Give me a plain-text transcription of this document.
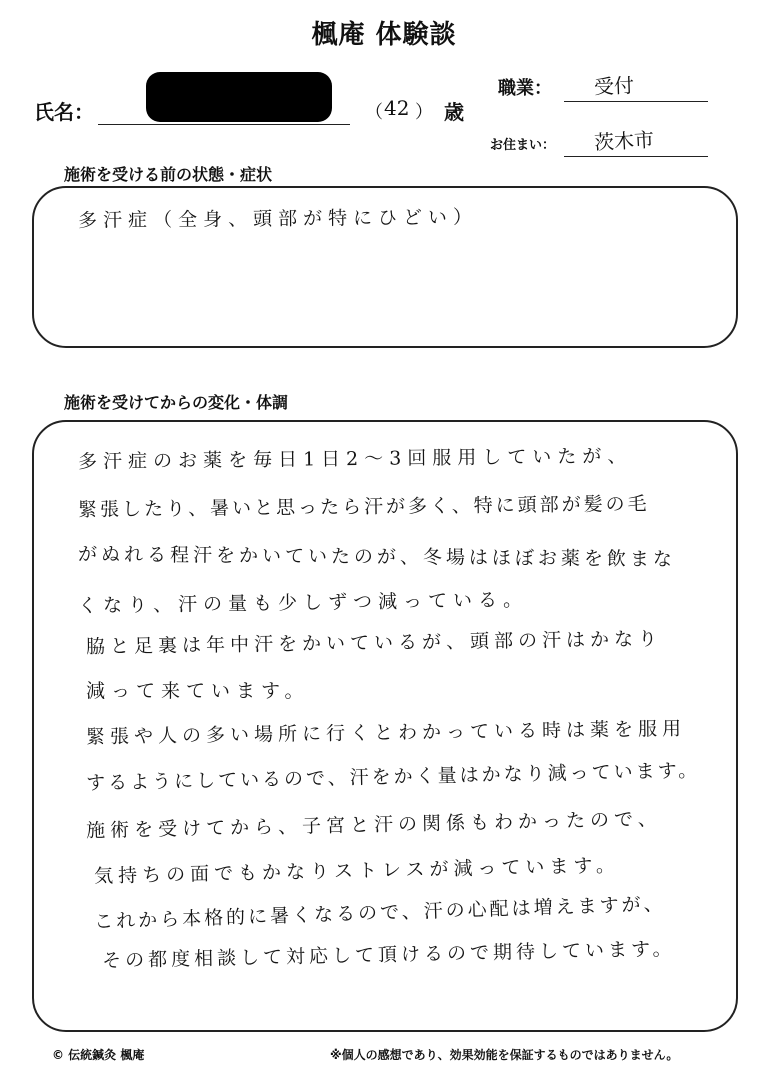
楓庵 体験談
氏名：	（ 42 ） 歳
職業： 受付
お住まい： 茨木市
施術を受ける前の状態・症状
多汗症（全身、頭部が特にひどい）
施術を受けてからの変化・体調
多汗症のお薬を毎日1日2〜3回服用していたが、
緊張したり、暑いと思ったら汗が多く、特に頭部が髪の毛
がぬれる程汗をかいていたのが、冬場はほぼお薬を飲まな
くなり、汗の量も少しずつ減っている。
脇と足裏は年中汗をかいているが、頭部の汗はかなり
減って来ています。
緊張や人の多い場所に行くとわかっている時は薬を服用
するようにしているので、汗をかく量はかなり減っています。
施術を受けてから、子宮と汗の関係もわかったので、
気持ちの面でもかなりストレスが減っています。
これから本格的に暑くなるので、汗の心配は増えますが、
その都度相談して対応して頂けるので期待しています。
© 伝統鍼灸 楓庵	※個人の感想であり、効果効能を保証するものではありません。
